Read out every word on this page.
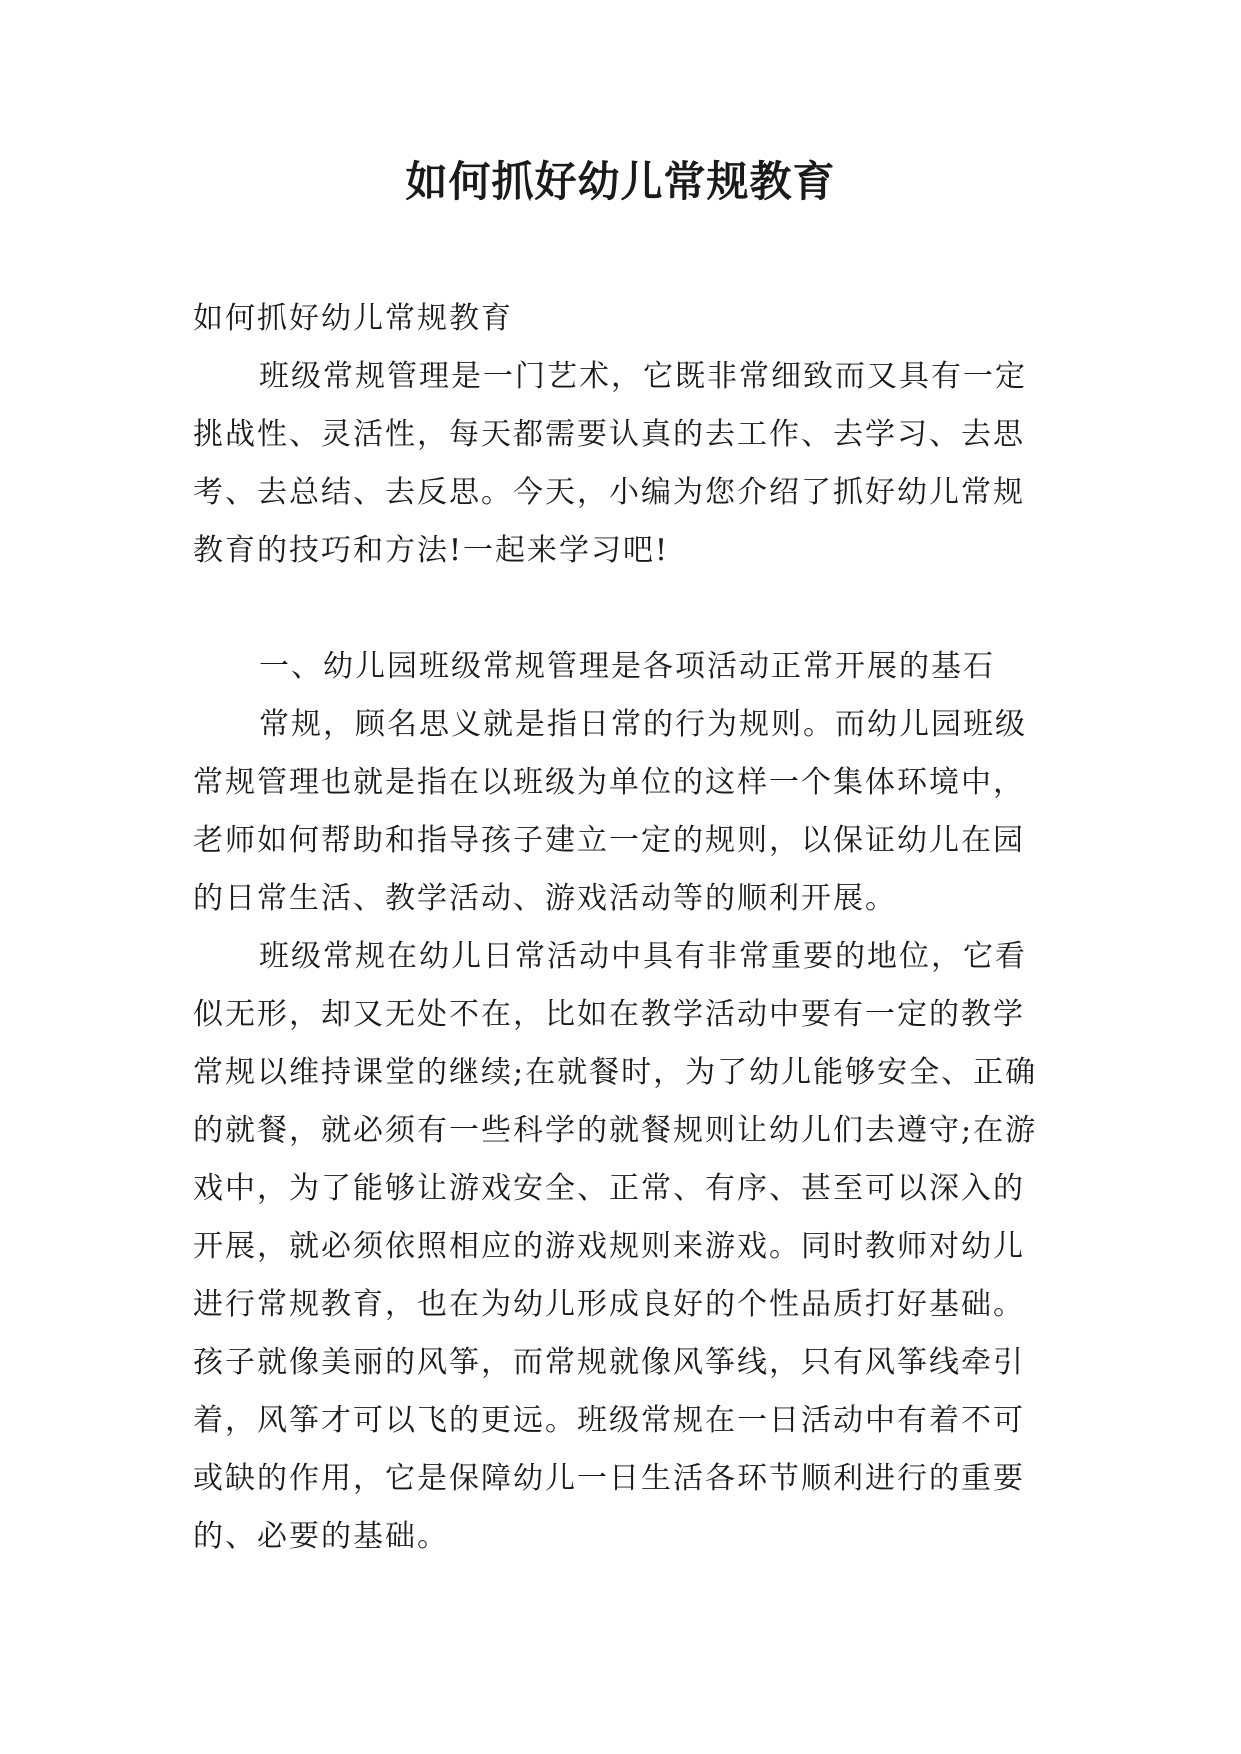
如何抓好幼儿常规教育

如何抓好幼儿常规教育

班级常规管理是一门艺术，它既非常细致而又具有一定挑战性、灵活性，每天都需要认真的去工作、去学习、去思考、去总结、去反思。今天，小编为您介绍了抓好幼儿常规教育的技巧和方法!一起来学习吧!

一、幼儿园班级常规管理是各项活动正常开展的基石

常规，顾名思义就是指日常的行为规则。而幼儿园班级常规管理也就是指在以班级为单位的这样一个集体环境中，老师如何帮助和指导孩子建立一定的规则，以保证幼儿在园的日常生活、教学活动、游戏活动等的顺利开展。

班级常规在幼儿日常活动中具有非常重要的地位，它看似无形，却又无处不在，比如在教学活动中要有一定的教学常规以维持课堂的继续;在就餐时，为了幼儿能够安全、正确的就餐，就必须有一些科学的就餐规则让幼儿们去遵守;在游戏中，为了能够让游戏安全、正常、有序、甚至可以深入的开展，就必须依照相应的游戏规则来游戏。同时教师对幼儿进行常规教育，也在为幼儿形成良好的个性品质打好基础。孩子就像美丽的风筝，而常规就像风筝线，只有风筝线牵引着，风筝才可以飞的更远。班级常规在一日活动中有着不可或缺的作用，它是保障幼儿一日生活各环节顺利进行的重要的、必要的基础。
